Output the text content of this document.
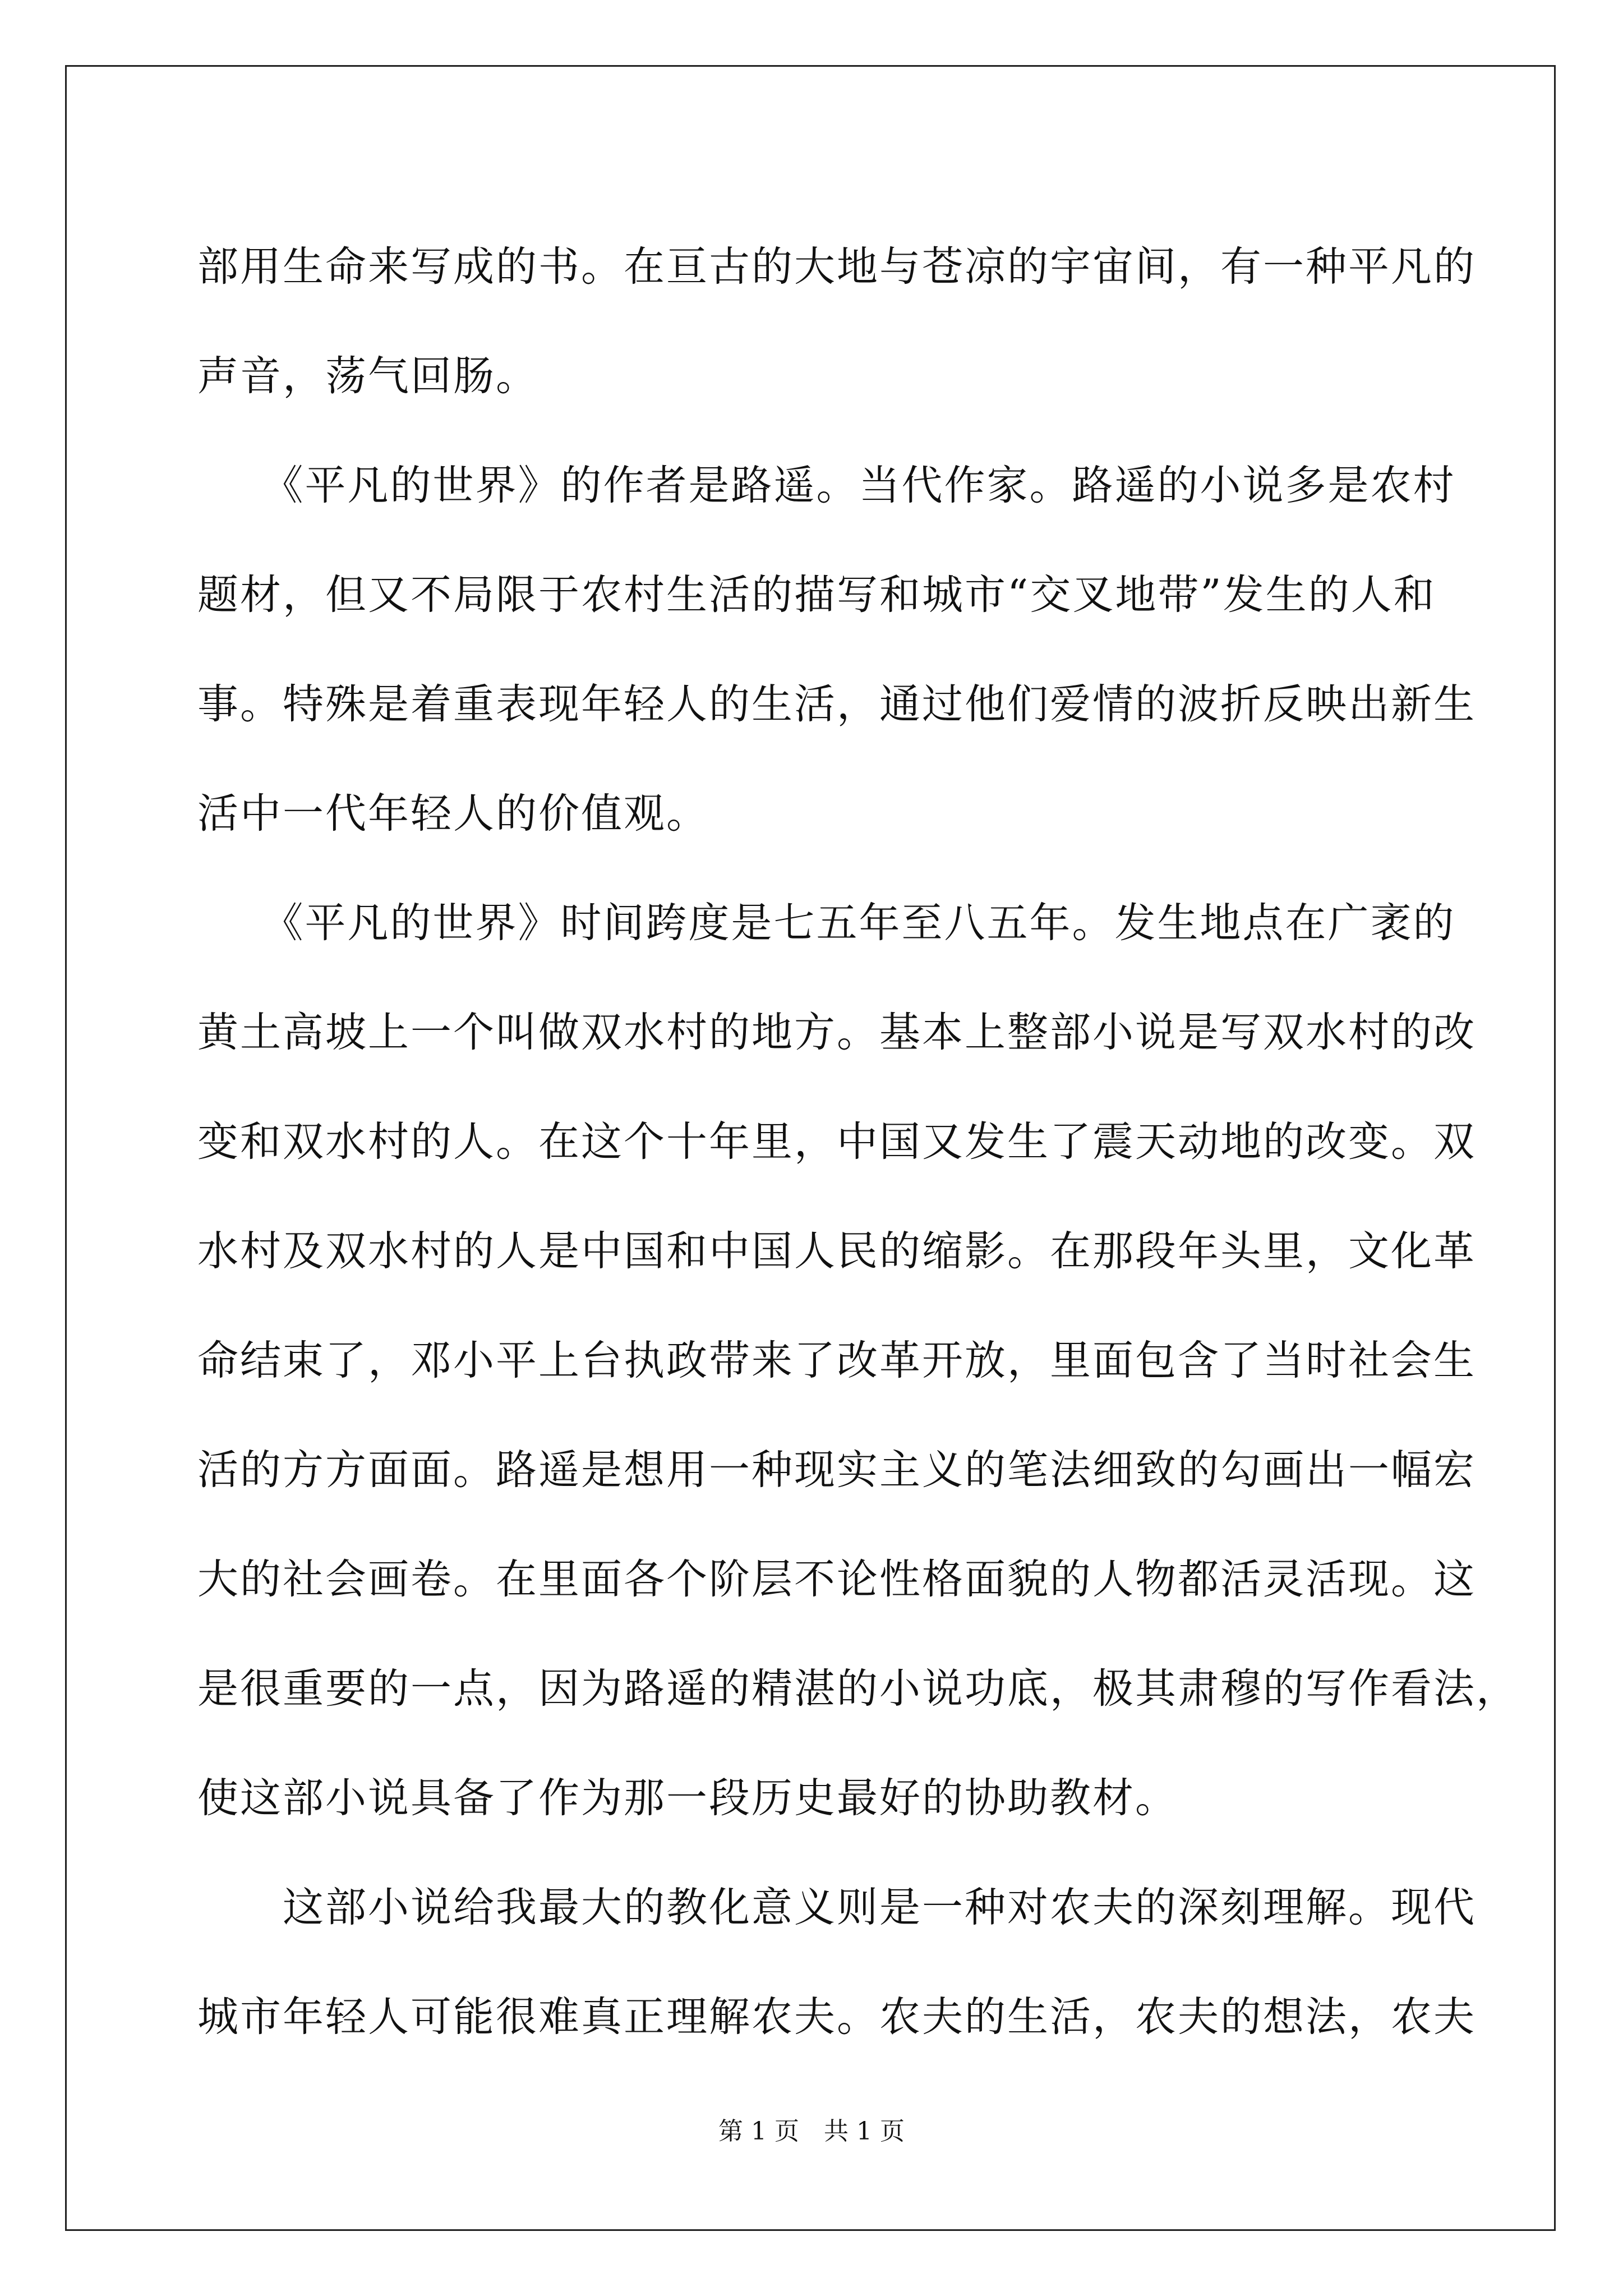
部用生命来写成的书。在亘古的大地与苍凉的宇宙间，有一种平凡的
声音，荡气回肠。
　　《平凡的世界》的作者是路遥。当代作家。路遥的小说多是农村
题材，但又不局限于农村生活的描写和城市“交叉地带”发生的人和
事。特殊是着重表现年轻人的生活，通过他们爱情的波折反映出新生
活中一代年轻人的价值观。
　　《平凡的世界》时间跨度是七五年至八五年。发生地点在广袤的
黄土高坡上一个叫做双水村的地方。基本上整部小说是写双水村的改
变和双水村的人。在这个十年里，中国又发生了震天动地的改变。双
水村及双水村的人是中国和中国人民的缩影。在那段年头里，文化革
命结束了，邓小平上台执政带来了改革开放，里面包含了当时社会生
活的方方面面。路遥是想用一种现实主义的笔法细致的勾画出一幅宏
大的社会画卷。在里面各个阶层不论性格面貌的人物都活灵活现。这
是很重要的一点，因为路遥的精湛的小说功底，极其肃穆的写作看法，
使这部小说具备了作为那一段历史最好的协助教材。
　　这部小说给我最大的教化意义则是一种对农夫的深刻理解。现代
城市年轻人可能很难真正理解农夫。农夫的生活，农夫的想法，农夫
第 1 页　共 1 页
